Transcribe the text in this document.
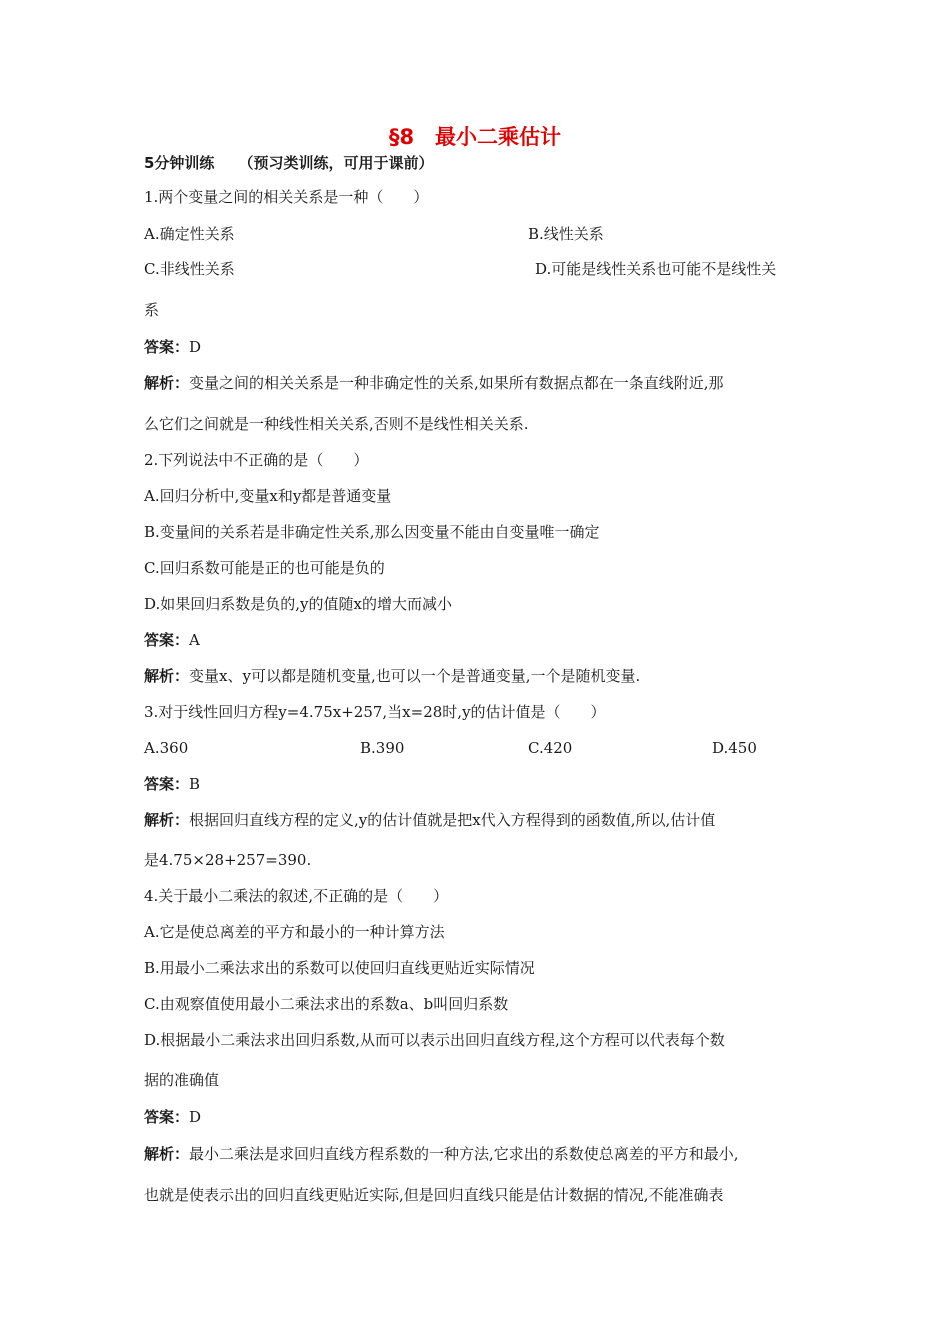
§8　最小二乘估计
5分钟训练 （预习类训练，可用于课前）
1.两个变量之间的相关关系是一种（　　）
A.确定性关系	B.线性关系
C.非线性关系	D.可能是线性关系也可能不是线性关
系
答案：D
解析：变量之间的相关关系是一种非确定性的关系,如果所有数据点都在一条直线附近,那
么它们之间就是一种线性相关关系,否则不是线性相关关系.
2.下列说法中不正确的是（　　）
A.回归分析中,变量x和y都是普通变量
B.变量间的关系若是非确定性关系,那么因变量不能由自变量唯一确定
C.回归系数可能是正的也可能是负的
D.如果回归系数是负的,y的值随x的增大而减小
答案：A
解析：变量x、y可以都是随机变量,也可以一个是普通变量,一个是随机变量.
3.对于线性回归方程y=4.75x+257,当x=28时,y的估计值是（　　）
A.360	B.390	C.420	D.450
答案：B
解析：根据回归直线方程的定义,y的估计值就是把x代入方程得到的函数值,所以,估计值
是4.75×28+257=390.
4.关于最小二乘法的叙述,不正确的是（　　）
A.它是使总离差的平方和最小的一种计算方法
B.用最小二乘法求出的系数可以使回归直线更贴近实际情况
C.由观察值使用最小二乘法求出的系数a、b叫回归系数
D.根据最小二乘法求出回归系数,从而可以表示出回归直线方程,这个方程可以代表每个数
据的准确值
答案：D
解析：最小二乘法是求回归直线方程系数的一种方法,它求出的系数使总离差的平方和最小,
也就是使表示出的回归直线更贴近实际,但是回归直线只能是估计数据的情况,不能准确表
